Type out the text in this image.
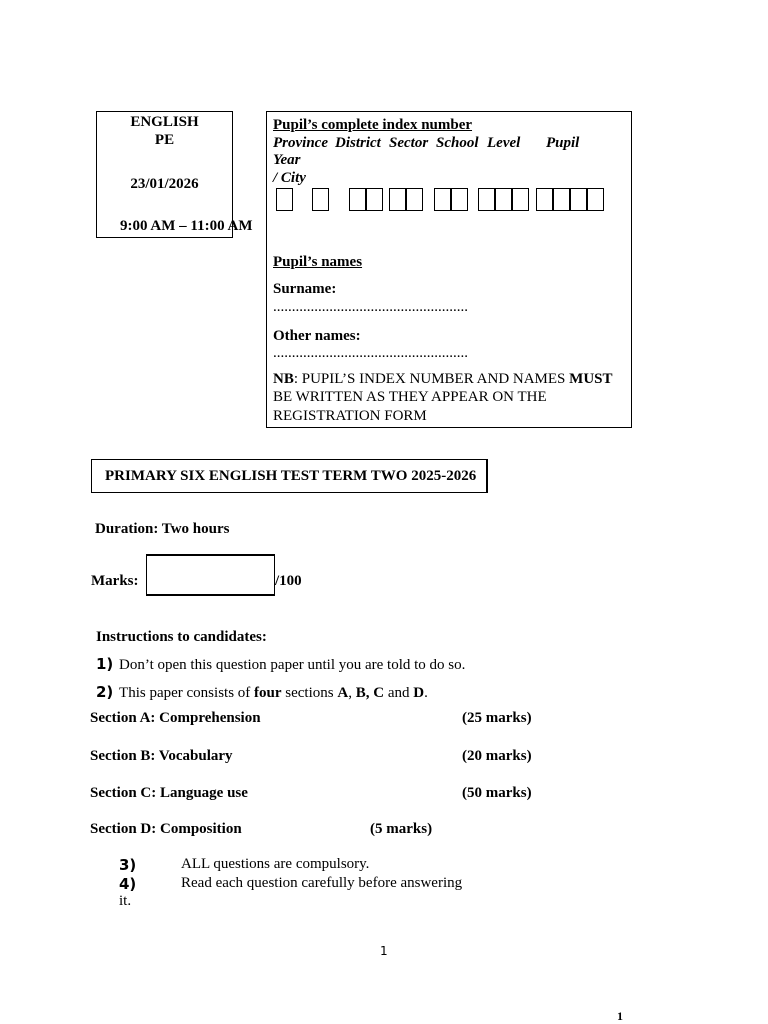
ENGLISH
PE
23/01/2026
9:00 AM – 11:00 AM
Pupil’s complete index number
Province District Sector School Level Pupil
Year
/ City
Pupil’s names
Surname:
....................................................
Other names:
....................................................
NB: PUPIL’S INDEX NUMBER AND NAMES MUST
BE WRITTEN AS THEY APPEAR ON THE
REGISTRATION FORM
PRIMARY SIX ENGLISH TEST TERM TWO 2025-2026
Duration: Two hours
Marks:	/100
Instructions to candidates:
1) Don’t open this question paper until you are told to do so.
2) This paper consists of four sections A, B, C and D.
Section A: Comprehension	(25 marks)
Section B: Vocabulary	(20 marks)
Section C: Language use	(50 marks)
Section D: Composition	(5 marks)
3)	ALL questions are compulsory.
4)	Read each question carefully before answering
it.
1
1
